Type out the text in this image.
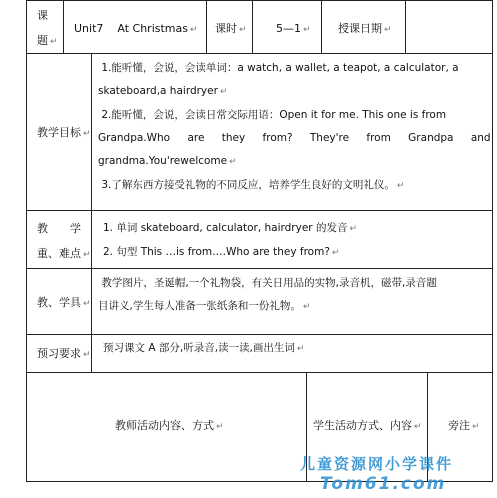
课
题 ↵
Unit7 At Christmas ↵ 课时 ↵	5—1 ↵ 授课日期 ↵
教学目标 ↵
1.能听懂，会说，会读单词：a watch, a wallet, a teapot, a calculator, a
skateboard,a hairdryer ↵
2.能听懂，会说，会读日常交际用语：Open it for me. This one is from
Grandpa.Who are they from? They're from Grandpa and
grandma.You'rewelcome ↵
3.了解东西方接受礼物的不同反应，培养学生良好的文明礼仪。 ↵
教　　学
重、难点 ↵
1. 单词 skateboard, calculator, hairdryer 的发音 ↵
2. 句型 This …is from….Who are they from? ↵
教、学具 ↵
教学图片，圣诞帽,一个礼物袋，有关日用品的实物,录音机，磁带,录音题
目讲义,学生每人准备一张纸条和一份礼物。 ↵
预习要求 ↵
预习课文 A 部分,听录音,读一读,画出生词 ↵
教师活动内容、方式 ↵	学生活动方式、内容 ↵ 旁注 ↵
儿童资源网小学课件
Tom61.com
